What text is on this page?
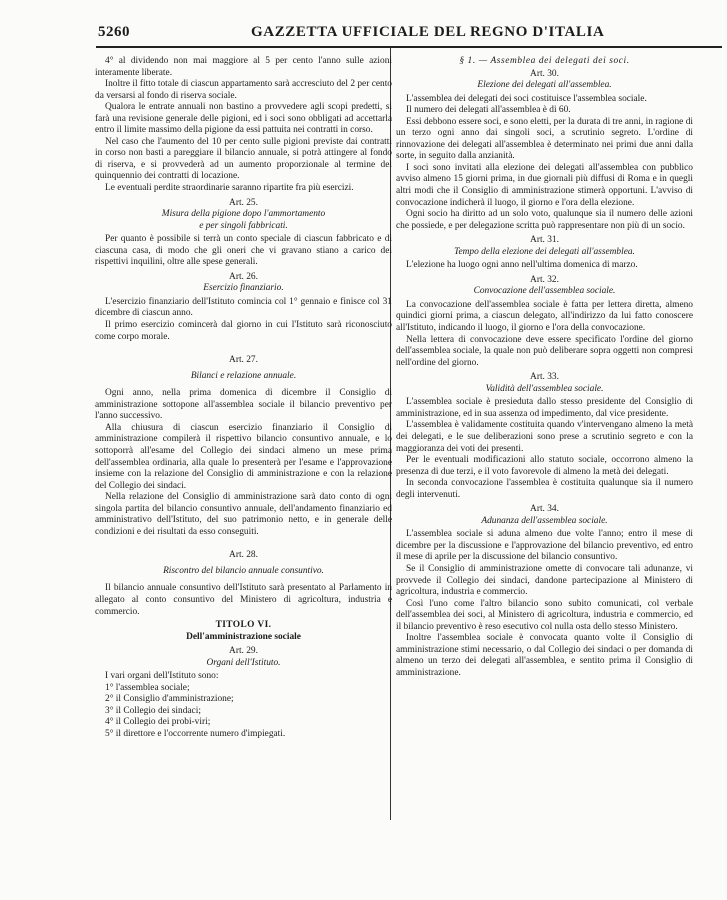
5260	GAZZETTA UFFICIALE DEL REGNO D'ITALIA

4° al dividendo non mai maggiore al 5 per cento l'anno sulle azioni interamente liberate.

Inoltre il fitto totale di ciascun appartamento sarà accresciuto del 2 per cento da versarsi al fondo di riserva sociale.

Qualora le entrate annuali non bastino a provvedere agli scopi predetti, si farà una revisione generale delle pigioni, ed i soci sono obbligati ad accettarla entro il limite massimo della pigione da essi pattuita nei contratti in corso.

Nel caso che l'aumento del 10 per cento sulle pigioni previste dai contratti in corso non basti a pareggiare il bilancio annuale, si potrà attingere al fondo di riserva, e si provvederà ad un aumento proporzionale al termine del quinquennio dei contratti di locazione.

Le eventuali perdite straordinarie saranno ripartite fra più esercizi.

Art. 25.

Misura della pigione dopo l'ammortamento

e per singoli fabbricati.

Per quanto è possibile si terrà un conto speciale di ciascun fabbricato e di ciascuna casa, di modo che gli oneri che vi gravano stiano a carico dei rispettivi inquilini, oltre alle spese generali.

Art. 26.

Esercizio finanziario.

L'esercizio finanziario dell'Istituto comincia col 1° gennaio e finisce col 31 dicembre di ciascun anno.

Il primo esercizio comincerà dal giorno in cui l'Istituto sarà riconosciuto come corpo morale.

Art. 27.

Bilanci e relazione annuale.

Ogni anno, nella prima domenica di dicembre il Consiglio di amministrazione sottopone all'assemblea sociale il bilancio preventivo per l'anno successivo.

Alla chiusura di ciascun esercizio finanziario il Consiglio di amministrazione compilerà il rispettivo bilancio consuntivo annuale, e lo sottoporrà all'esame del Collegio dei sindaci almeno un mese prima dell'assemblea ordinaria, alla quale lo presenterà per l'esame e l'approvazione insieme con la relazione del Consiglio di amministrazione e con la relazione del Collegio dei sindaci.

Nella relazione del Consiglio di amministrazione sarà dato conto di ogni singola partita del bilancio consuntivo annuale, dell'andamento finanziario ed amministrativo dell'Istituto, del suo patrimonio netto, e in generale delle condizioni e dei risultati da esso conseguiti.

Art. 28.

Riscontro del bilancio annuale consuntivo.

Il bilancio annuale consuntivo dell'Istituto sarà presentato al Parlamento in allegato al conto consuntivo del Ministero di agricoltura, industria e commercio.

TITOLO VI.

Dell'amministrazione sociale

Art. 29.

Organi dell'Istituto.

I vari organi dell'Istituto sono:

1° l'assemblea sociale;
2° il Consiglio d'amministrazione;
3° il Collegio dei sindaci;
4° il Collegio dei probi-viri;
5° il direttore e l'occorrente numero d'impiegati.

§ 1. — Assemblea dei delegati dei soci.

Art. 30.

Elezione dei delegati all'assemblea.

L'assemblea dei delegati dei soci costituisce l'assemblea sociale.

Il numero dei delegati all'assemblea è di 60.

Essi debbono essere soci, e sono eletti, per la durata di tre anni, in ragione di un terzo ogni anno dai singoli soci, a scrutinio segreto. L'ordine di rinnovazione dei delegati all'assemblea è determinato nei primi due anni dalla sorte, in seguito dalla anzianità.

I soci sono invitati alla elezione dei delegati all'assemblea con pubblico avviso almeno 15 giorni prima, in due giornali più diffusi di Roma e in quegli altri modi che il Consiglio di amministrazione stimerà opportuni. L'avviso di convocazione indicherà il luogo, il giorno e l'ora della elezione.

Ogni socio ha diritto ad un solo voto, qualunque sia il numero delle azioni che possiede, e per delegazione scritta può rappresentare non più di un socio.

Art. 31.

Tempo della elezione dei delegati all'assemblea.

L'elezione ha luogo ogni anno nell'ultima domenica di marzo.

Art. 32.

Convocazione dell'assemblea sociale.

La convocazione dell'assemblea sociale è fatta per lettera diretta, almeno quindici giorni prima, a ciascun delegato, all'indirizzo da lui fatto conoscere all'Istituto, indicando il luogo, il giorno e l'ora della convocazione.

Nella lettera di convocazione deve essere specificato l'ordine del giorno dell'assemblea sociale, la quale non può deliberare sopra oggetti non compresi nell'ordine del giorno.

Art. 33.

Validità dell'assemblea sociale.

L'assemblea sociale è presieduta dallo stesso presidente del Consiglio di amministrazione, ed in sua assenza od impedimento, dal vice presidente.

L'assemblea è validamente costituita quando v'intervengano almeno la metà dei delegati, e le sue deliberazioni sono prese a scrutinio segreto e con la maggioranza dei voti dei presenti.

Per le eventuali modificazioni allo statuto sociale, occorrono almeno la presenza di due terzi, e il voto favorevole di almeno la metà dei delegati.

In seconda convocazione l'assemblea è costituita qualunque sia il numero degli intervenuti.

Art. 34.

Adunanza dell'assemblea sociale.

L'assemblea sociale si aduna almeno due volte l'anno; entro il mese di dicembre per la discussione e l'approvazione del bilancio preventivo, ed entro il mese di aprile per la discussione del bilancio consuntivo.

Se il Consiglio di amministrazione omette di convocare tali adunanze, vi provvede il Collegio dei sindaci, dandone partecipazione al Ministero di agricoltura, industria e commercio.

Così l'uno come l'altro bilancio sono subito comunicati, col verbale dell'assemblea dei soci, al Ministero di agricoltura, industria e commercio, ed il bilancio preventivo è reso esecutivo col nulla osta dello stesso Ministero.

Inoltre l'assemblea sociale è convocata quanto volte il Consiglio di amministrazione stimi necessario, o dal Collegio dei sindaci o per domanda di almeno un terzo dei delegati all'assemblea, e sentito prima il Consiglio di amministrazione.
